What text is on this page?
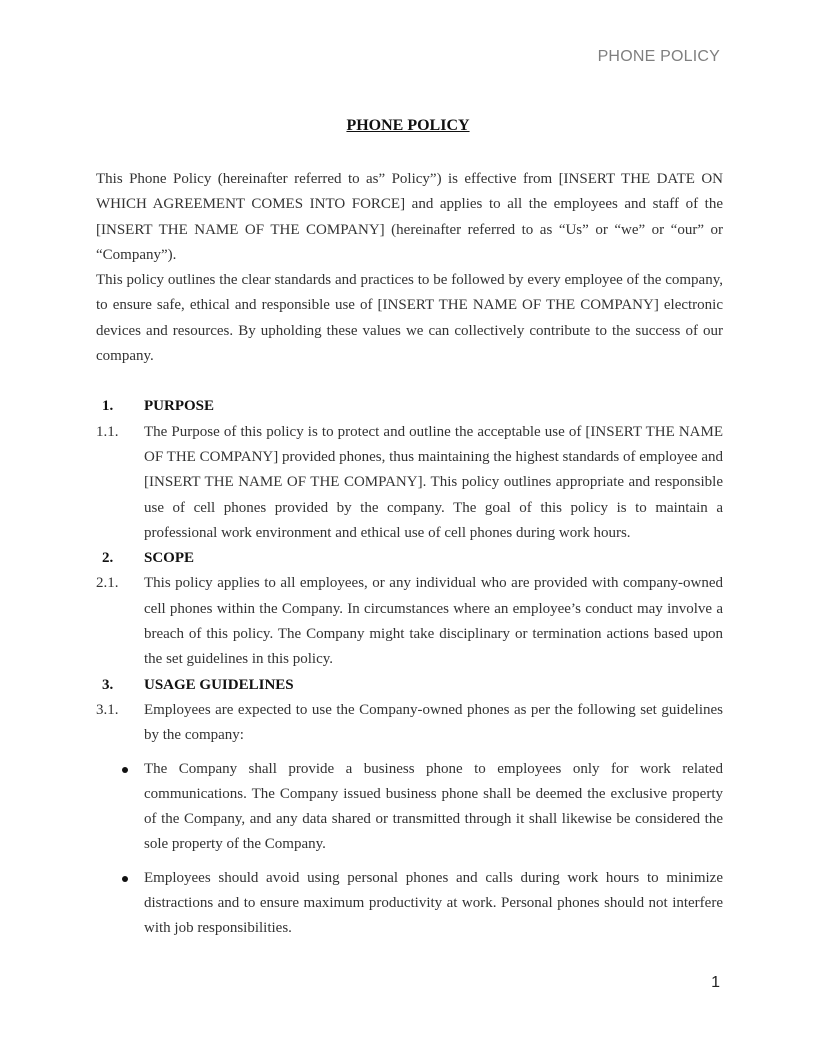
PHONE POLICY
PHONE POLICY

This Phone Policy (hereinafter referred to as” Policy”) is effective from [INSERT THE DATE ON WHICH AGREEMENT COMES INTO FORCE] and applies to all the employees and staff of the [INSERT THE NAME OF THE COMPANY] (hereinafter referred to as “Us” or “we” or “our” or “Company”).

This policy outlines the clear standards and practices to be followed by every employee of the company, to ensure safe, ethical and responsible use of [INSERT THE NAME OF THE COMPANY] electronic devices and resources. By upholding these values we can collectively contribute to the success of our company.

1.	PURPOSE
1.1.	The Purpose of this policy is to protect and outline the acceptable use of [INSERT THE NAME OF THE COMPANY] provided phones, thus maintaining the highest standards of employee and [INSERT THE NAME OF THE COMPANY]. This policy outlines appropriate and responsible use of cell phones provided by the company. The goal of this policy is to maintain a professional work environment and ethical use of cell phones during work hours.
2.	SCOPE
2.1.	This policy applies to all employees, or any individual who are provided with company-owned cell phones within the Company. In circumstances where an employee’s conduct may involve a breach of this policy. The Company might take disciplinary or termination actions based upon the set guidelines in this policy.
3.	USAGE GUIDELINES
3.1.	Employees are expected to use the Company-owned phones as per the following set guidelines by the company:
The Company shall provide a business phone to employees only for work related communications. The Company issued business phone shall be deemed the exclusive property of the Company, and any data shared or transmitted through it shall likewise be considered the sole property of the Company.
Employees should avoid using personal phones and calls during work hours to minimize distractions and to ensure maximum productivity at work. Personal phones should not interfere with job responsibilities.
1
